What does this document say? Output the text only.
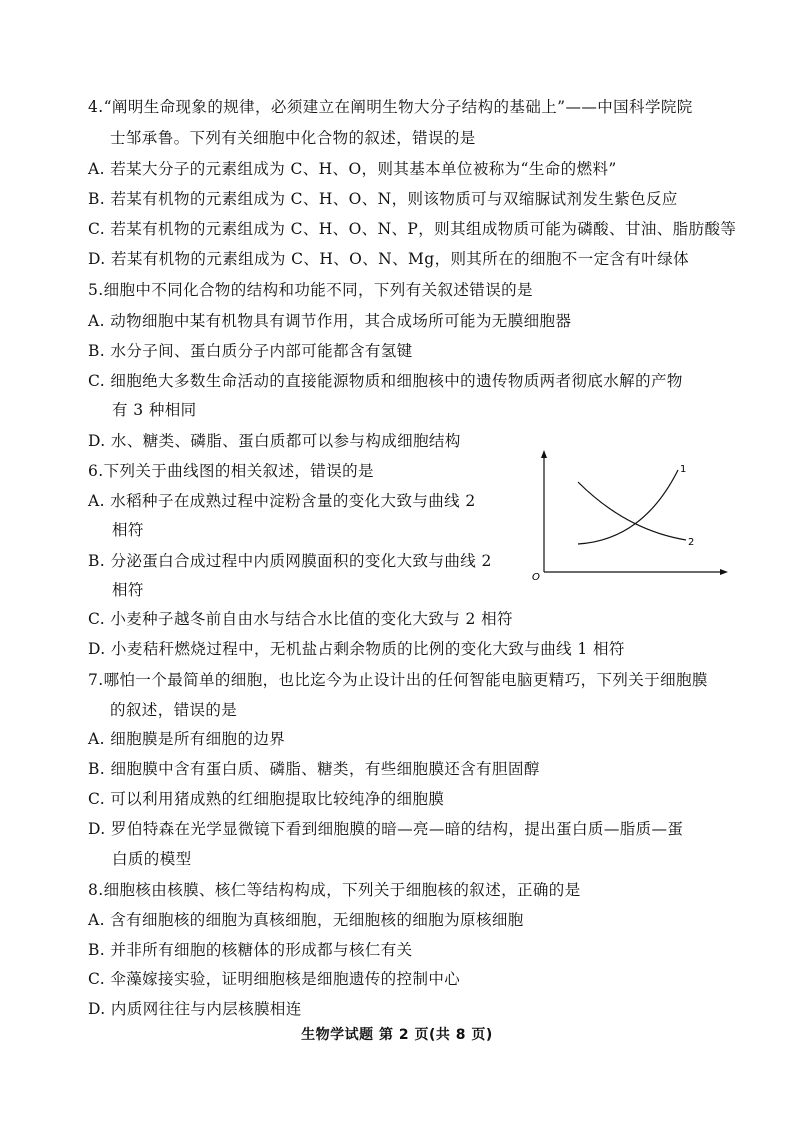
4.“阐明生命现象的规律，必须建立在阐明生物大分子结构的基础上”——中国科学院院
士邹承鲁。下列有关细胞中化合物的叙述，错误的是
A. 若某大分子的元素组成为 C、H、O，则其基本单位被称为“生命的燃料”
B. 若某有机物的元素组成为 C、H、O、N，则该物质可与双缩脲试剂发生紫色反应
C. 若某有机物的元素组成为 C、H、O、N、P，则其组成物质可能为磷酸、甘油、脂肪酸等
D. 若某有机物的元素组成为 C、H、O、N、Mg，则其所在的细胞不一定含有叶绿体
5.细胞中不同化合物的结构和功能不同，下列有关叙述错误的是
A. 动物细胞中某有机物具有调节作用，其合成场所可能为无膜细胞器
B. 水分子间、蛋白质分子内部可能都含有氢键
C. 细胞绝大多数生命活动的直接能源物质和细胞核中的遗传物质两者彻底水解的产物
有 3 种相同
D. 水、糖类、磷脂、蛋白质都可以参与构成细胞结构
6.下列关于曲线图的相关叙述，错误的是
A. 水稻种子在成熟过程中淀粉含量的变化大致与曲线 2
相符
B. 分泌蛋白合成过程中内质网膜面积的变化大致与曲线 2
相符
C. 小麦种子越冬前自由水与结合水比值的变化大致与 2 相符
D. 小麦秸秆燃烧过程中，无机盐占剩余物质的比例的变化大致与曲线 1 相符
1
2
O
7.哪怕一个最简单的细胞，也比迄今为止设计出的任何智能电脑更精巧，下列关于细胞膜
的叙述，错误的是
A. 细胞膜是所有细胞的边界
B. 细胞膜中含有蛋白质、磷脂、糖类，有些细胞膜还含有胆固醇
C. 可以利用猪成熟的红细胞提取比较纯净的细胞膜
D. 罗伯特森在光学显微镜下看到细胞膜的暗—亮—暗的结构，提出蛋白质—脂质—蛋
白质的模型
8.细胞核由核膜、核仁等结构构成，下列关于细胞核的叙述，正确的是
A. 含有细胞核的细胞为真核细胞，无细胞核的细胞为原核细胞
B. 并非所有细胞的核糖体的形成都与核仁有关
C. 伞藻嫁接实验，证明细胞核是细胞遗传的控制中心
D. 内质网往往与内层核膜相连
生物学试题 第 2 页(共 8 页)
